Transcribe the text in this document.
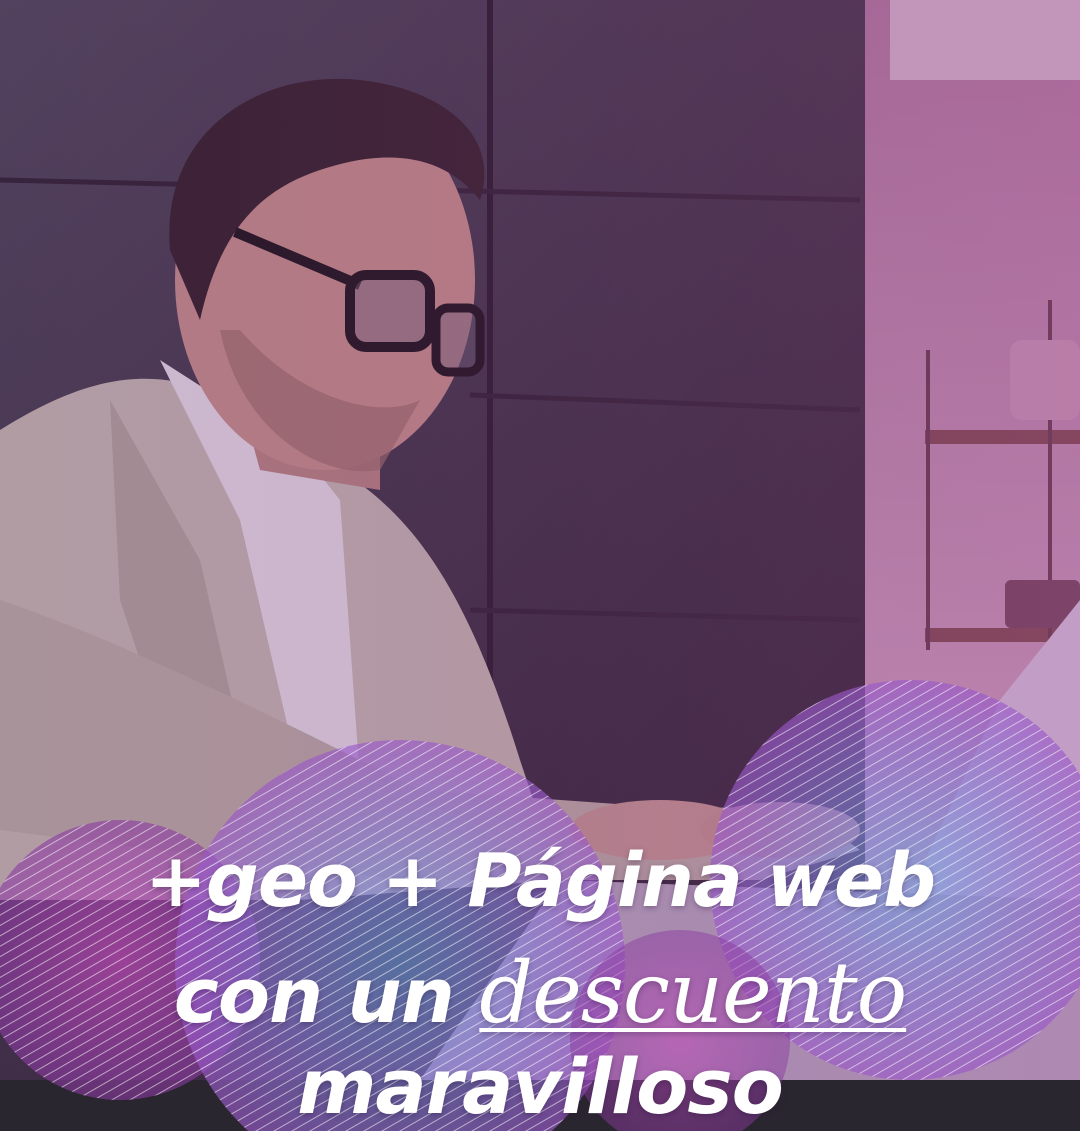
+geo + Página web
con un descuento maravilloso
